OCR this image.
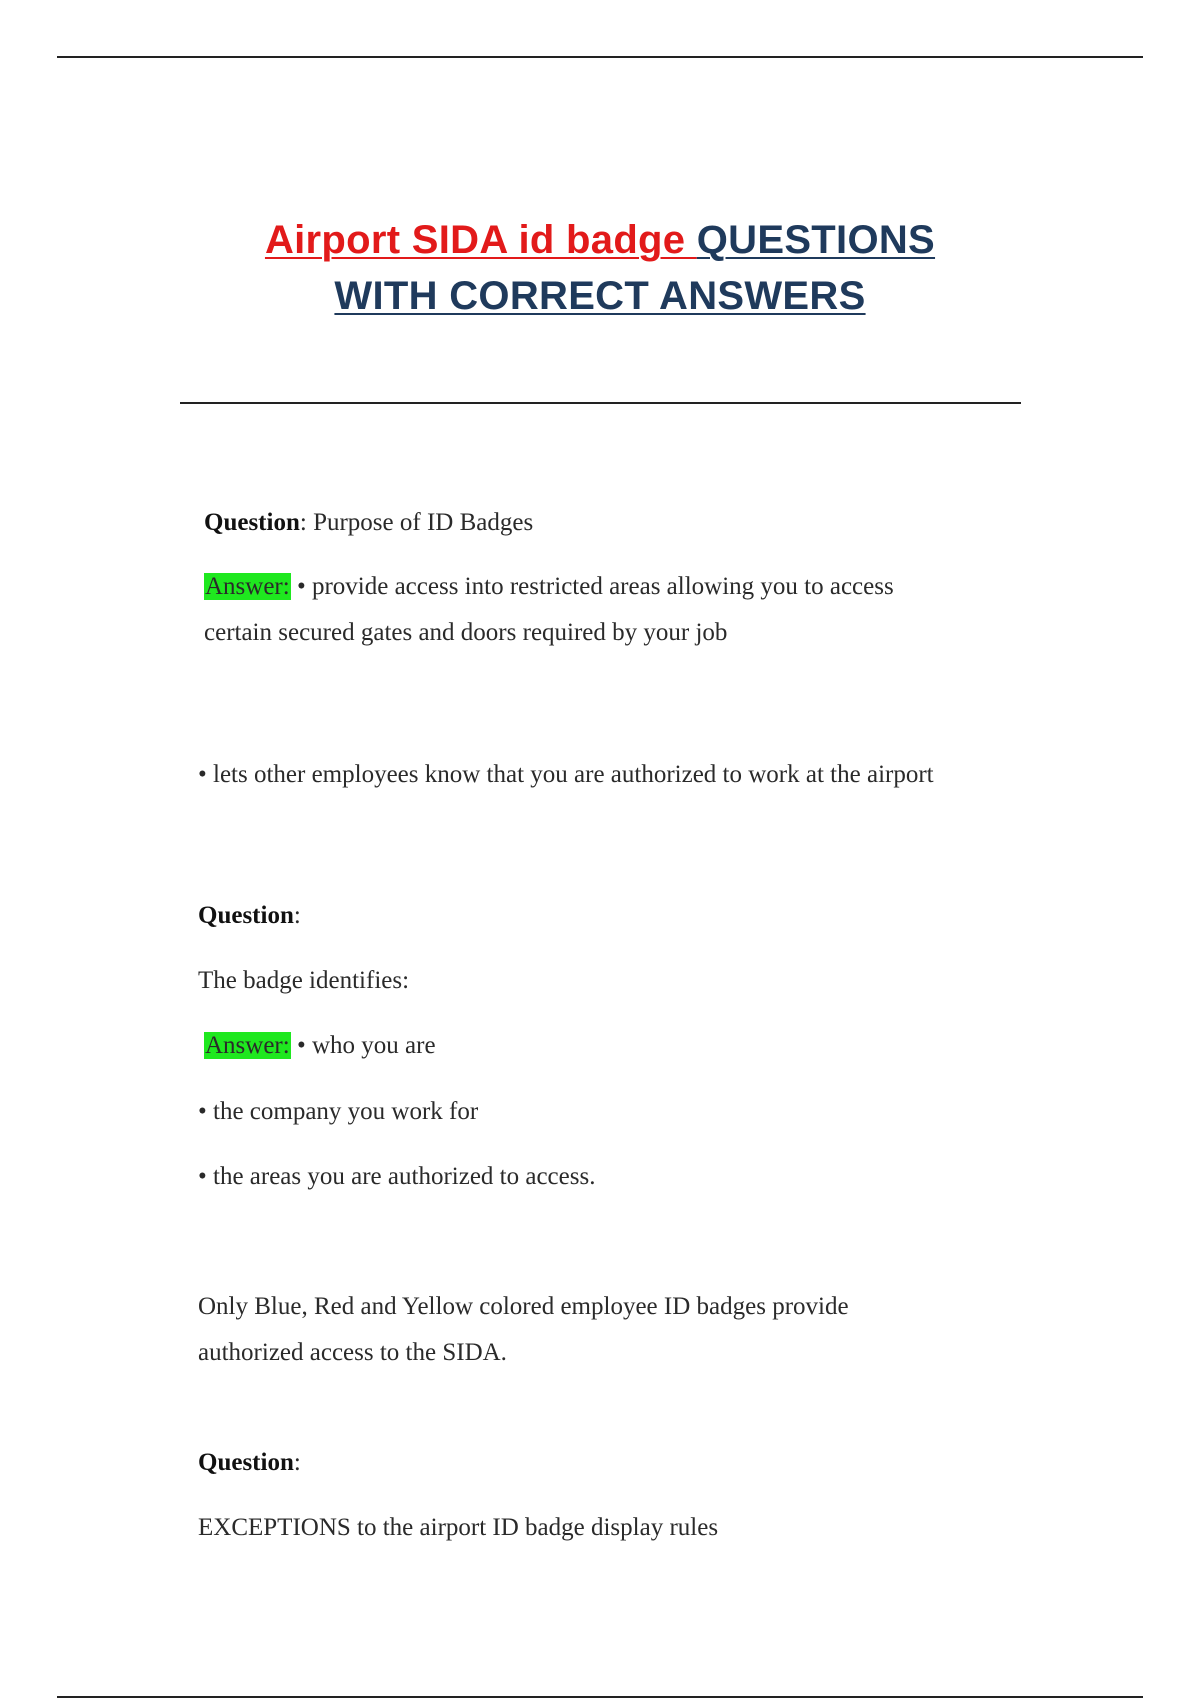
Airport SIDA id badge QUESTIONS
WITH CORRECT ANSWERS
Question: Purpose of ID Badges
Answer: • provide access into restricted areas allowing you to access
certain secured gates and doors required by your job
• lets other employees know that you are authorized to work at the airport
Question:
The badge identifies:
Answer: • who you are
• the company you work for
• the areas you are authorized to access.
Only Blue, Red and Yellow colored employee ID badges provide
authorized access to the SIDA.
Question:
EXCEPTIONS to the airport ID badge display rules
